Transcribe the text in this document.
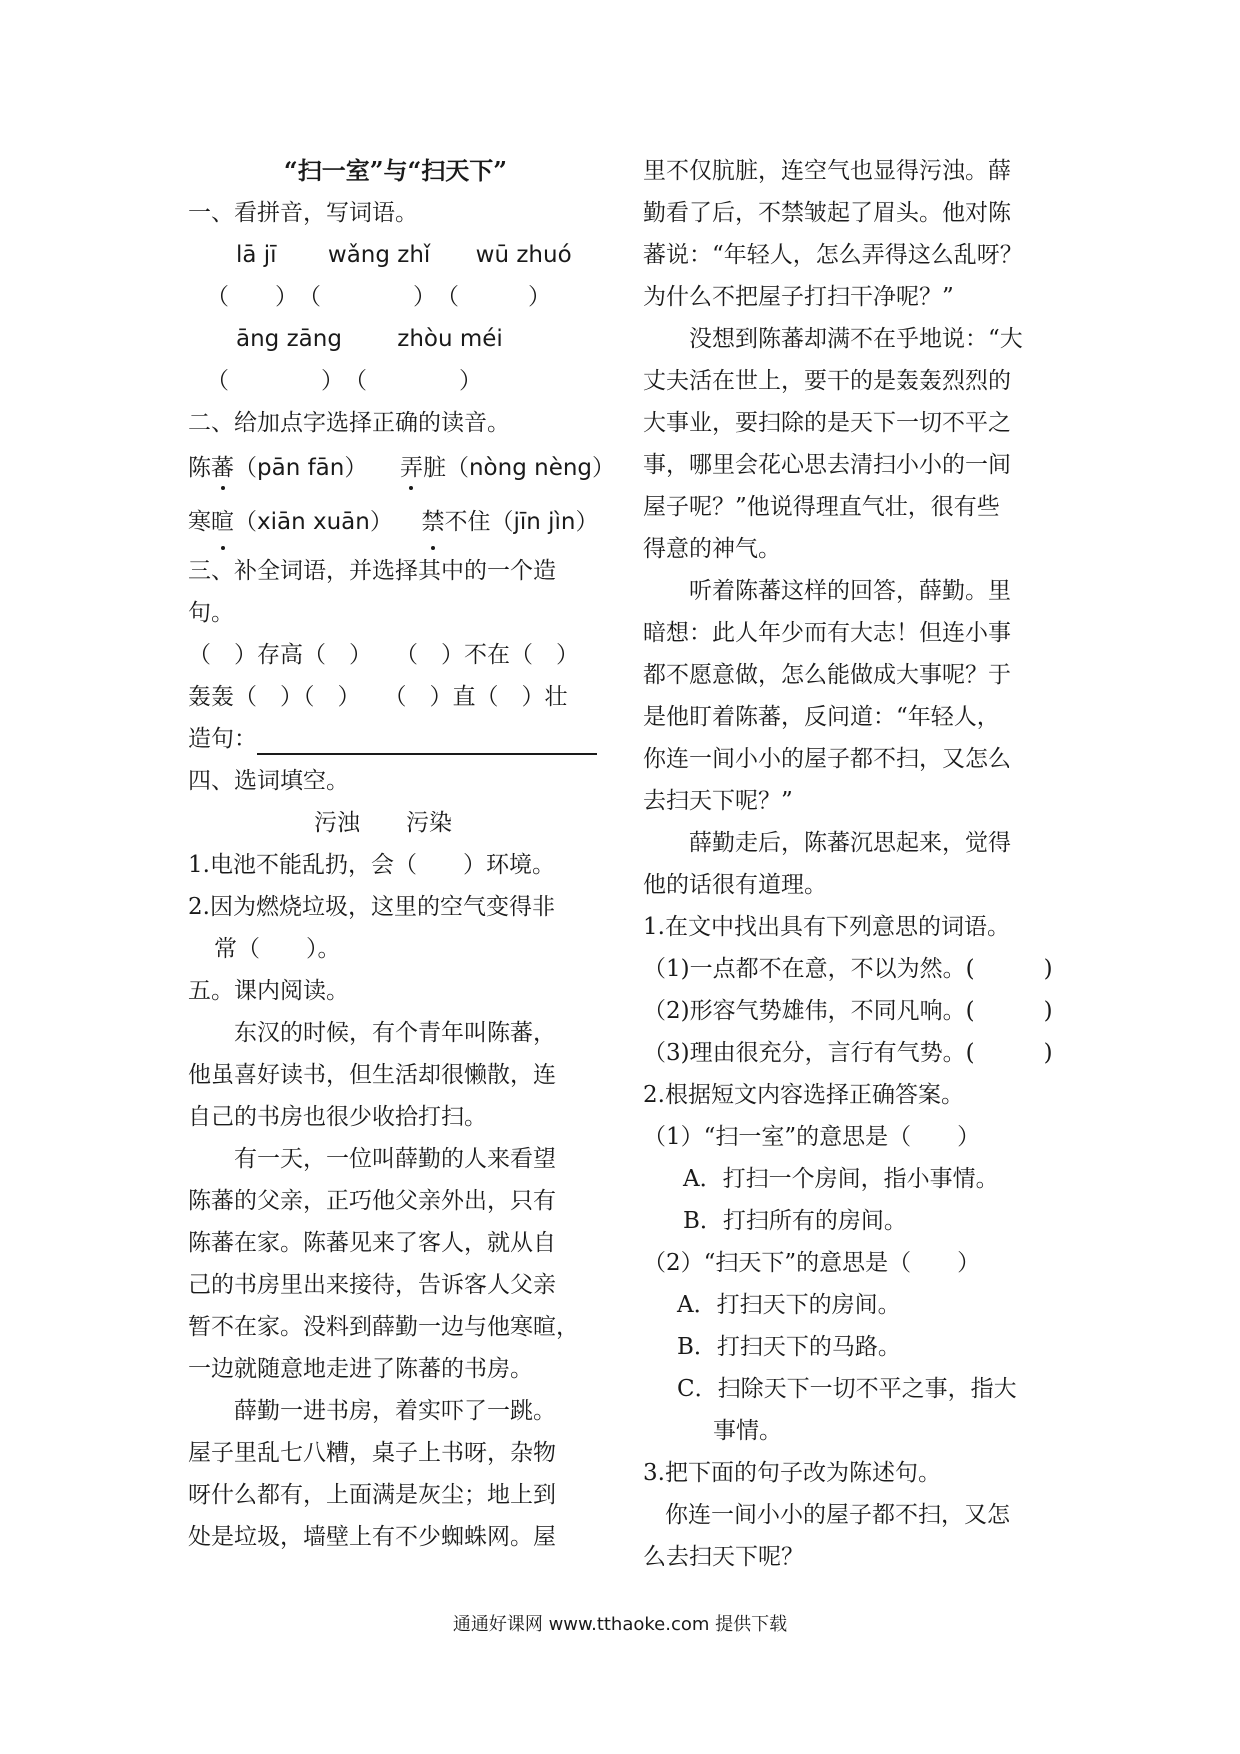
“扫一室”与“扫天下”
一、看拼音，写词语。
lā jī wǎng zhǐ wū zhuó
（　　）　（　　　　）　（　　　）
āng zāng zhòu méi
（　　　　）　（　　　　）
二、给加点字选择正确的读音。
陈蕃（pān fān） 弄脏（nòng nèng）
寒暄（xiān xuān） 禁不住（jīn jìn）
三、补全词语，并选择其中的一个造
句。
（　）存高（　）　　（　）不在（　）
轰轰（　）（　）　　（　）直（　）壮
造句：
四、选词填空。
污浊　　污染
1.电池不能乱扔，会（　　）环境。
2.因为燃烧垃圾，这里的空气变得非
常（　　）。
五。课内阅读。
东汉的时候，有个青年叫陈蕃，
他虽喜好读书，但生活却很懒散，连
自己的书房也很少收拾打扫。
有一天，一位叫薛勤的人来看望
陈蕃的父亲，正巧他父亲外出，只有
陈蕃在家。陈蕃见来了客人，就从自
己的书房里出来接待，告诉客人父亲
暂不在家。没料到薛勤一边与他寒暄，
一边就随意地走进了陈蕃的书房。
薛勤一进书房，着实吓了一跳。
屋子里乱七八糟，桌子上书呀，杂物
呀什么都有，上面满是灰尘；地上到
处是垃圾，墙壁上有不少蜘蛛网。屋
里不仅肮脏，连空气也显得污浊。薛
勤看了后，不禁皱起了眉头。他对陈
蕃说：“年轻人，怎么弄得这么乱呀？
为什么不把屋子打扫干净呢？”
没想到陈蕃却满不在乎地说：“大
丈夫活在世上，要干的是轰轰烈烈的
大事业，要扫除的是天下一切不平之
事，哪里会花心思去清扫小小的一间
屋子呢？”他说得理直气壮，很有些
得意的神气。
听着陈蕃这样的回答，薛勤。里
暗想：此人年少而有大志！但连小事
都不愿意做，怎么能做成大事呢？于
是他盯着陈蕃，反问道：“年轻人，
你连一间小小的屋子都不扫，又怎么
去扫天下呢？”
薛勤走后，陈蕃沉思起来，觉得
他的话很有道理。
1.在文中找出具有下列意思的词语。
（1)一点都不在意，不以为然。(　　　)
（2)形容气势雄伟，不同凡响。(　　　)
（3)理由很充分，言行有气势。(　　　)
2.根据短文内容选择正确答案。
（1）“扫一室”的意思是（　　）
A．打扫一个房间，指小事情。
B．打扫所有的房间。
（2）“扫天下”的意思是（　　）
A．打扫天下的房间。
B．打扫天下的马路。
C．扫除天下一切不平之事，指大
事情。
3.把下面的句子改为陈述句。
你连一间小小的屋子都不扫，又怎
么去扫天下呢？
通通好课网 www.tthaoke.com 提供下载
